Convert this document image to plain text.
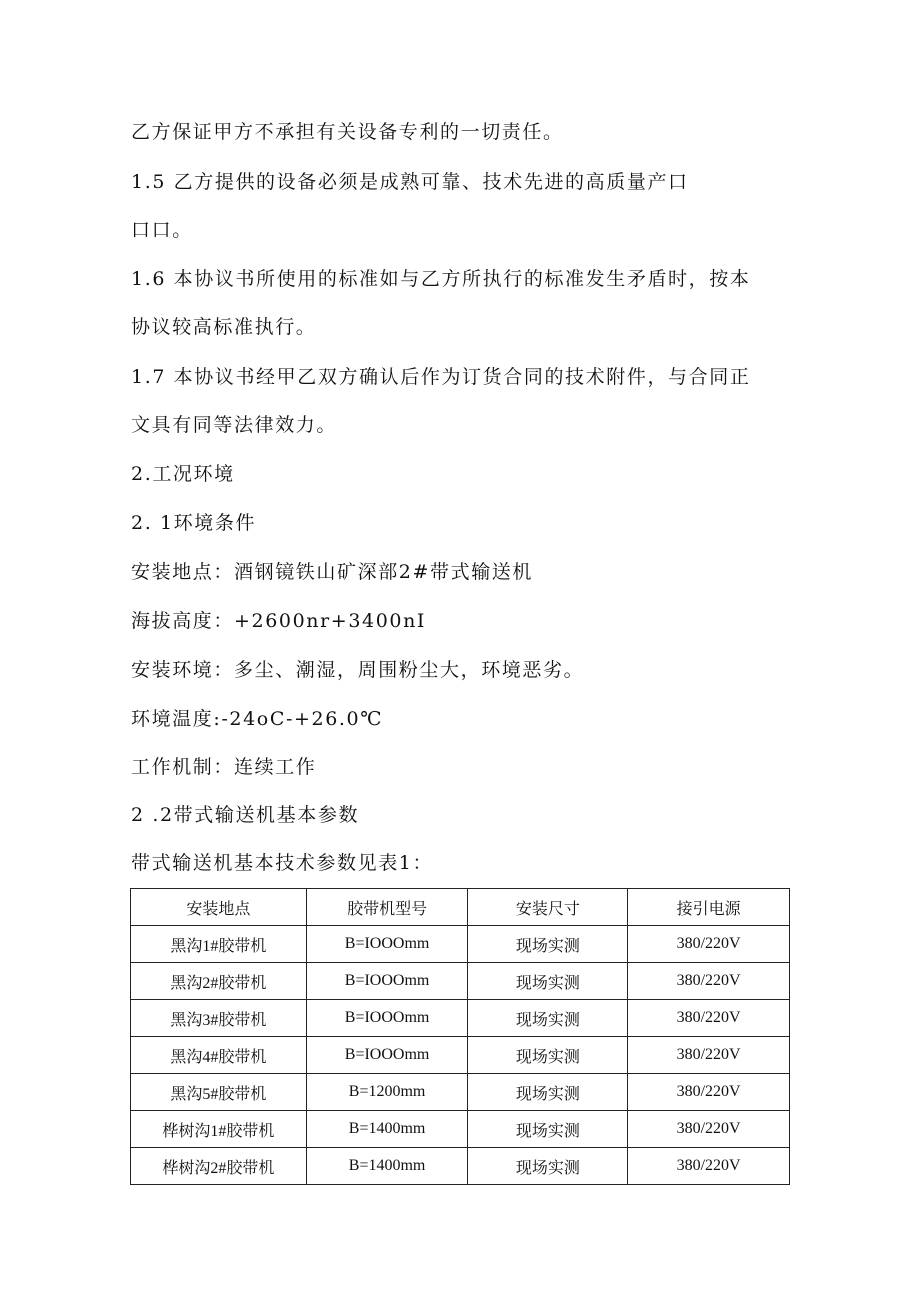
乙方保证甲方不承担有关设备专利的一切责任。
1.5 乙方提供的设备必须是成熟可靠、技术先进的高质量产口
口口。
1.6 本协议书所使用的标准如与乙方所执行的标准发生矛盾时，按本
协议较高标准执行。
1.7 本协议书经甲乙双方确认后作为订货合同的技术附件，与合同正
文具有同等法律效力。
2.工况环境
2. 1环境条件
安装地点：酒钢镜铁山矿深部2#带式输送机
海拔高度：+2600nr+3400nI
安装环境：多尘、潮湿，周围粉尘大，环境恶劣。
环境温度:-24oC-+26.0℃
工作机制：连续工作
2 .2带式输送机基本参数
带式输送机基本技术参数见表1：
安装地点	胶带机型号	安装尺寸	接引电源
黑沟1#胶带机	B=IOOOmm	现场实测	380/220V
黑沟2#胶带机	B=IOOOmm	现场实测	380/220V
黑沟3#胶带机	B=IOOOmm	现场实测	380/220V
黑沟4#胶带机	B=IOOOmm	现场实测	380/220V
黑沟5#胶带机	B=1200mm	现场实测	380/220V
桦树沟1#胶带机	B=1400mm	现场实测	380/220V
桦树沟2#胶带机	B=1400mm	现场实测	380/220V
